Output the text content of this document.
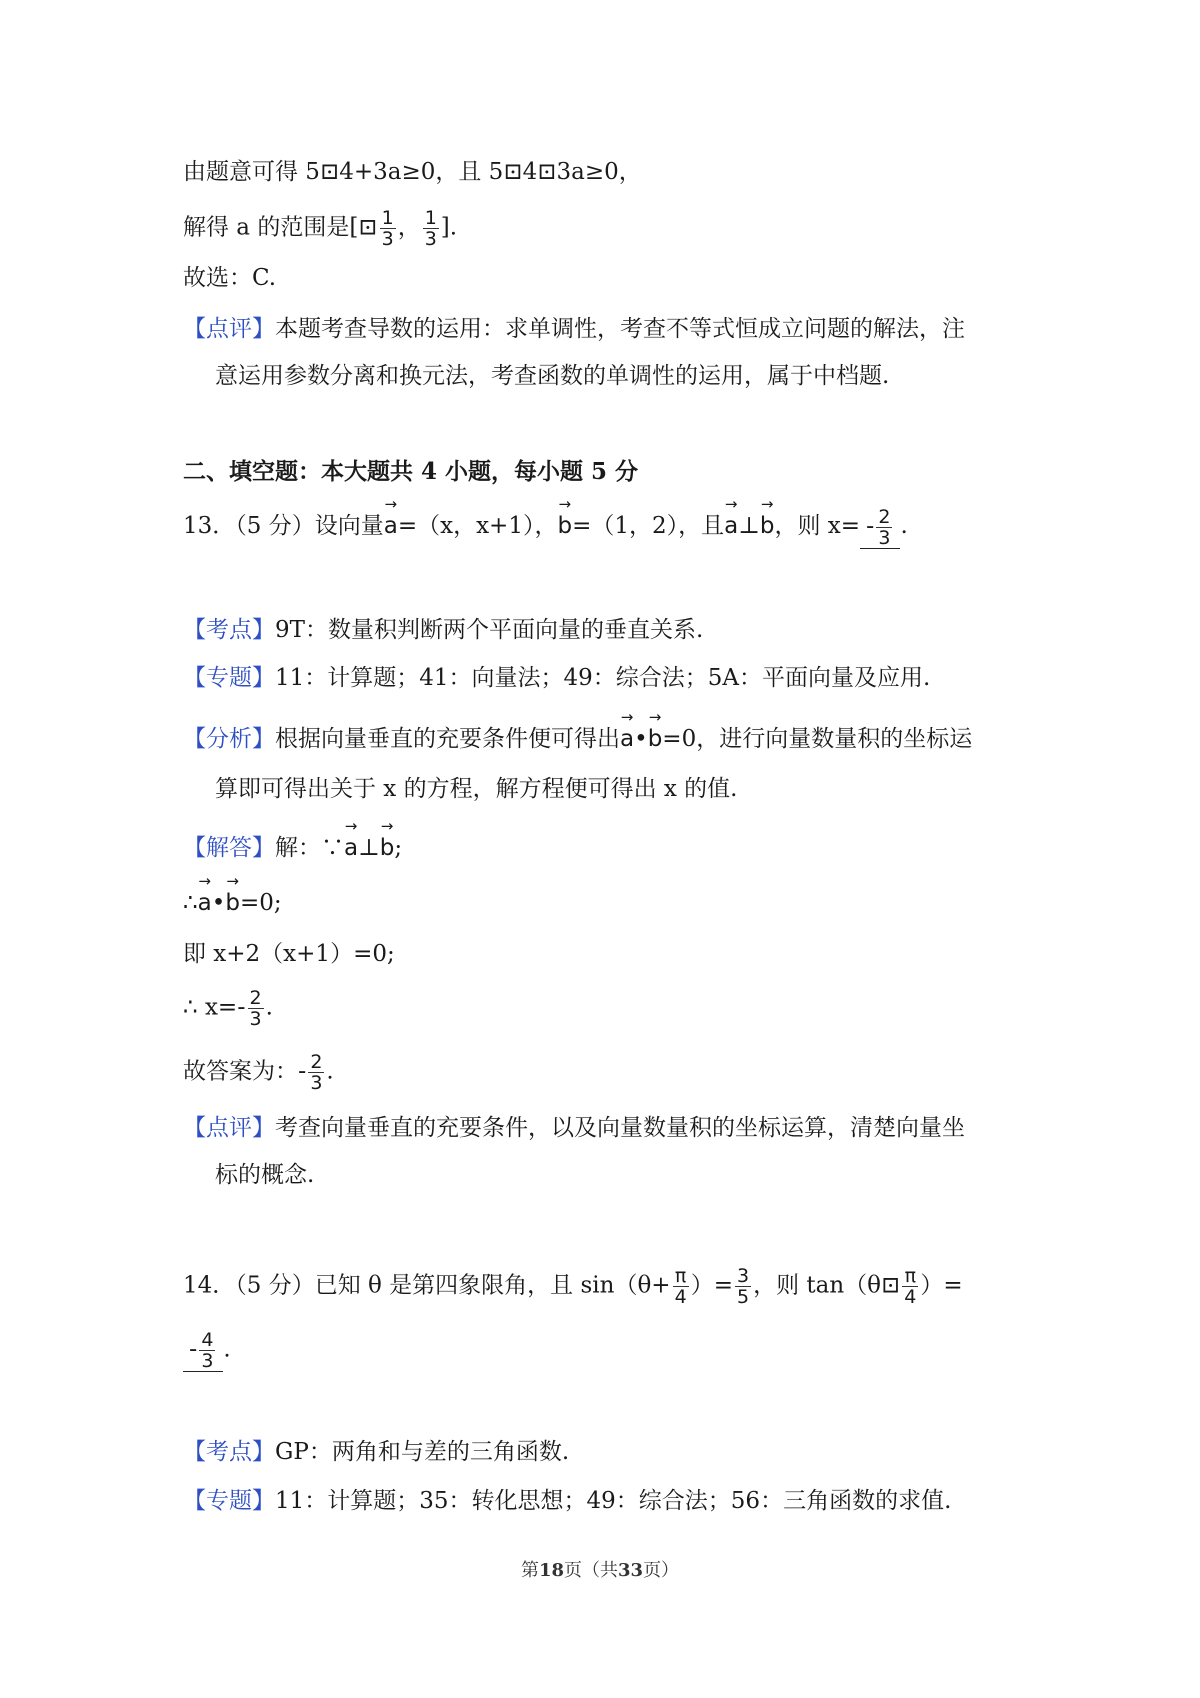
由题意可得 5⊡4+3a≥0，且 5⊡4⊡3a≥0，
解得 a 的范围是[⊡ $\frac{1}{3}$ ， $\frac{1}{3}$ ].
故选：C.
【点评】本题考查导数的运用：求单调性，考查不等式恒成立问题的解法，注
意运用参数分离和换元法，考查函数的单调性的运用，属于中档题.
二、填空题：本大题共 4 小题，每小题 5 分
13．（5 分）设向量→ a=（x，x+1），→ b=（1，2），且→ a⊥→ b，则 $x= - \frac{2}{3}$ .
【考点】9T：数量积判断两个平面向量的垂直关系.
【专题】11：计算题；41：向量法；49：综合法；5A：平面向量及应用.
【分析】根据向量垂直的充要条件便可得出→ a•→ b=0，进行向量数量积的坐标运
算即可得出关于 x 的方程，解方程便可得出 x 的值.
【解答】解：∵→ a⊥→ b;
∴→ a•→ b=0;
即 x+2（x+1）=0;
∴ $x=- \frac{2}{3}$ .
故答案为：- $\frac{2}{3}$ .
【点评】考查向量垂直的充要条件，以及向量数量积的坐标运算，清楚向量坐
标的概念.
14．（5 分）已知 θ 是第四象限角，且 $\sin(\theta+ \frac{\pi}{4}$ ）= $\frac{3}{5}$ ，则 tan（θ⊡ $\frac{\pi}{4}$ ）=
- $\frac{4}{3}$ .
【考点】GP：两角和与差的三角函数.
【专题】11：计算题；35：转化思想；49：综合法；56：三角函数的求值.
第18页（共33页）
